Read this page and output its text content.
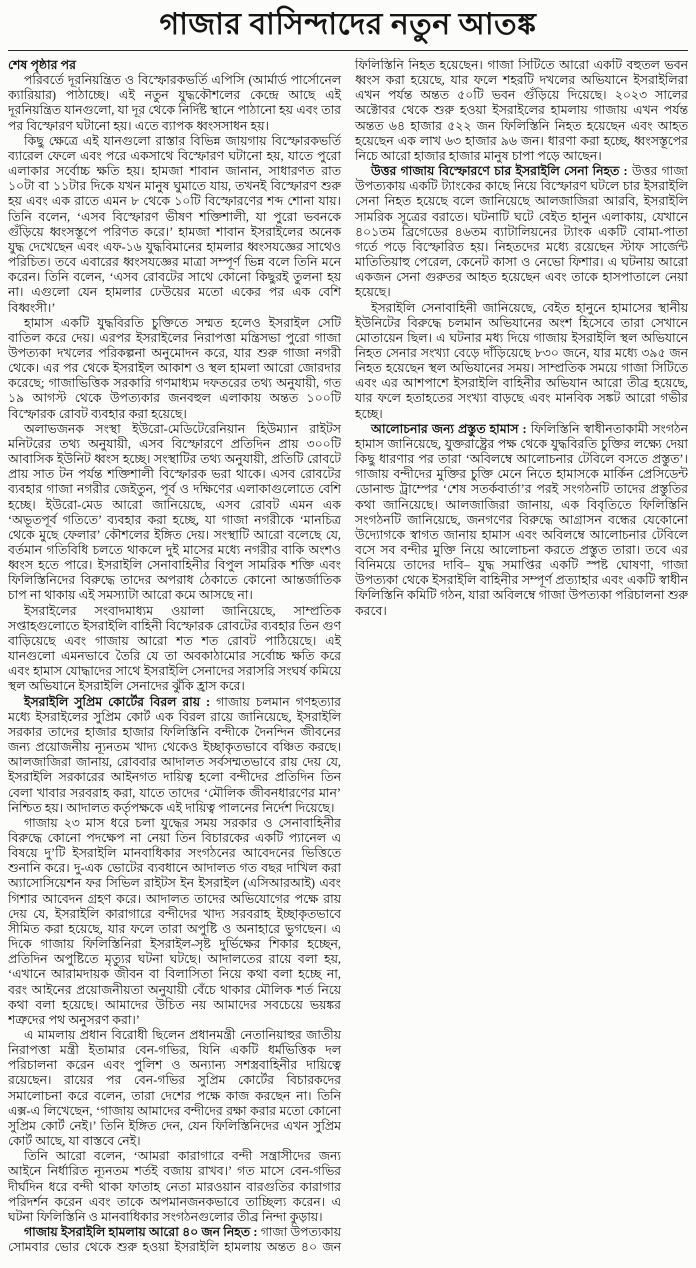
গাজার বাসিন্দাদের নতুন আতঙ্ক

শেষ পৃষ্ঠার পর

পরিবর্তে দূরনিয়ন্ত্রিত ও বিস্ফোরকভর্তি এপিসি (আর্মার্ড পার্সোনেল ক্যারিয়ার) পাঠাচ্ছে। এই নতুন যুদ্ধকৌশলের কেন্দ্রে আছে এই দূরনিয়ন্ত্রিত যানগুলো, যা দূর থেকে নির্দিষ্ট স্থানে পাঠানো হয় এবং তার পর বিস্ফোরণ ঘটানো হয়। এতে ব্যাপক ধ্বংসসাধন হয়।

কিছু ক্ষেত্রে এই যানগুলো রাস্তার বিভিন্ন জায়গায় বিস্ফোরকভর্তি ব্যারেল ফেলে এবং পরে একসাথে বিস্ফোরণ ঘটানো হয়, যাতে পুরো এলাকার সর্বোচ্চ ক্ষতি হয়। হামজা শাবান জানান, সাধারণত রাত ১০টা বা ১১টার দিকে যখন মানুষ ঘুমাতে যায়, তখনই বিস্ফোরণ শুরু হয় এবং এক রাতে এমন ৮ থেকে ১০টি বিস্ফোরণের শব্দ শোনা যায়। তিনি বলেন, ‘এসব বিস্ফোরণ ভীষণ শক্তিশালী, যা পুরো ভবনকে গুঁড়িয়ে ধ্বংসস্তূপে পরিণত করে।’ হামজা শাবান ইসরাইলের অনেক যুদ্ধ দেখেছেন এবং এফ-১৬ যুদ্ধবিমানের হামলার ধ্বংসযজ্ঞের সাথেও পরিচিত। তবে এবারের ধ্বংসযজ্ঞের মাত্রা সম্পূর্ণ ভিন্ন বলে তিনি মনে করেন। তিনি বলেন, ‘এসব রোবটের সাথে কোনো কিছুরই তুলনা হয় না। এগুলো যেন হামলার ঢেউয়ের মতো একের পর এক বেশি বিধ্বংসী।’

হামাস একটি যুদ্ধবিরতি চুক্তিতে সম্মত হলেও ইসরাইল সেটি বাতিল করে দেয়। এরপর ইসরাইলের নিরাপত্তা মন্ত্রিসভা পুরো গাজা উপত্যকা দখলের পরিকল্পনা অনুমোদন করে, যার শুরু গাজা নগরী থেকে। এর পর থেকে ইসরাইল আকাশ ও স্থল হামলা আরো জোরদার করেছে; গাজাভিত্তিক সরকারি গণমাধ্যম দফতরের তথ্য অনুযায়ী, গত ১৯ আগস্ট থেকে উপত্যকার জনবহুল এলাকায় অন্তত ১০০টি বিস্ফোরক রোবট ব্যবহার করা হয়েছে।

অলাভজনক সংস্থা ইউরো-মেডিটেরেনিয়ান হিউম্যান রাইটস মনিটরের তথ্য অনুযায়ী, এসব বিস্ফোরণে প্রতিদিন প্রায় ৩০০টি আবাসিক ইউনিট ধ্বংস হচ্ছে। সংস্থাটির তথ্য অনুযায়ী, প্রতিটি রোবটে প্রায় সাত টন পর্যন্ত শক্তিশালী বিস্ফোরক ভরা থাকে। এসব রোবটের ব্যবহার গাজা নগরীর জেইতুন, পূর্ব ও দক্ষিণের এলাকাগুলোতে বেশি হচ্ছে। ইউরো-মেড আরো জানিয়েছে, এসব রোবট এমন এক ‘অভূতপূর্ব গতিতে’ ব্যবহার করা হচ্ছে, যা গাজা নগরীকে ‘মানচিত্র থেকে মুছে ফেলার’ কৌশলের ইঙ্গিত দেয়। সংস্থাটি আরো বলেছে যে, বর্তমান গতিবিধি চলতে থাকলে দুই মাসের মধ্যে নগরীর বাকি অংশও ধ্বংস হতে পারে। ইসরাইলি সেনাবাহিনীর বিপুল সামরিক শক্তি এবং ফিলিস্তিনিদের বিরুদ্ধে তাদের অপরাধ ঠেকাতে কোনো আন্তর্জাতিক চাপ না থাকায় এই সমস্যাটা আরো কমে আসছে না।

ইসরাইলের সংবাদমাধ্যম ওয়ালা জানিয়েছে, সাম্প্রতিক সপ্তাহগুলোতে ইসরাইলি বাহিনী বিস্ফোরক রোবটের ব্যবহার তিন গুণ বাড়িয়েছে এবং গাজায় আরো শত শত রোবট পাঠিয়েছে। এই যানগুলো এমনভাবে তৈরি যে তা অবকাঠামোর সর্বোচ্চ ক্ষতি করে এবং হামাস যোদ্ধাদের সাথে ইসরাইলি সেনাদের সরাসরি সংঘর্ষ কমিয়ে স্থল অভিযানে ইসরাইলি সেনাদের ঝুঁকি হ্রাস করে।

ইসরাইলি সুপ্রিম কোর্টের বিরল রায় : গাজায় চলমান গণহত্যার মধ্যে ইসরাইলের সুপ্রিম কোর্ট এক বিরল রায়ে জানিয়েছে, ইসরাইলি সরকার তাদের হাজার হাজার ফিলিস্তিনি বন্দীকে দৈনন্দিন জীবনের জন্য প্রয়োজনীয় ন্যূনতম খাদ্য থেকেও ইচ্ছাকৃতভাবে বঞ্চিত করছে। আলজাজিরা জানায়, রোববার আদালত সর্বসম্মতভাবে রায় দেয় যে, ইসরাইলি সরকারের আইনগত দায়িত্ব হলো বন্দীদের প্রতিদিন তিন বেলা খাবার সরবরাহ করা, যাতে তাদের ‘মৌলিক জীবনধারণের মান’ নিশ্চিত হয়। আদালত কর্তৃপক্ষকে এই দায়িত্ব পালনের নির্দেশ দিয়েছে।

গাজায় ২৩ মাস ধরে চলা যুদ্ধের সময় সরকার ও সেনাবাহিনীর বিরুদ্ধে কোনো পদক্ষেপ না নেয়া তিন বিচারকের একটি প্যানেল এ বিষয়ে দু’টি ইসরাইলি মানবাধিকার সংগঠনের আবেদনের ভিত্তিতে শুনানি করে। দু-এক ভোটের ব্যবধানে আদালত গত বছর দাখিল করা অ্যাসোসিয়েশন ফর সিভিল রাইটস ইন ইসরাইল (এসিআরআই) এবং গিশার আবেদন গ্রহণ করে। আদালত তাদের অভিযোগের পক্ষে রায় দেয় যে, ইসরাইলি কারাগারে বন্দীদের খাদ্য সরবরাহ ইচ্ছাকৃতভাবে সীমিত করা হয়েছে, যার ফলে তারা অপুষ্টি ও অনাহারে ভুগছেন। এ দিকে গাজায় ফিলিস্তিনিরা ইসরাইল-সৃষ্ট দুর্ভিক্ষের শিকার হচ্ছেন, প্রতিদিন অপুষ্টিতে মৃত্যুর ঘটনা ঘটছে। আদালতের রায়ে বলা হয়, ‘এখানে আরামদায়ক জীবন বা বিলাসিতা নিয়ে কথা বলা হচ্ছে না, বরং আইনের প্রয়োজনীয়তা অনুযায়ী বেঁচে থাকার মৌলিক শর্ত নিয়ে কথা বলা হয়েছে। আমাদের উচিত নয় আমাদের সবচেয়ে ভয়ঙ্কর শত্রুদের পথ অনুসরণ করা।’

এ মামলায় প্রধান বিরোধী ছিলেন প্রধানমন্ত্রী নেতানিয়াহুর জাতীয় নিরাপত্তা মন্ত্রী ইতামার বেন-গভির, যিনি একটি ধর্মভিত্তিক দল পরিচালনা করেন এবং পুলিশ ও অন্যান্য সশস্ত্রবাহিনীর দায়িত্বে রয়েছেন। রায়ের পর বেন-গভির সুপ্রিম কোর্টের বিচারকদের সমালোচনা করে বলেন, তারা দেশের পক্ষে কাজ করছেন না। তিনি এক্স-এ লিখেছেন, ‘গাজায় আমাদের বন্দীদের রক্ষা করার মতো কোনো সুপ্রিম কোর্ট নেই।’ তিনি ইঙ্গিত দেন, যেন ফিলিস্তিনিদের এখন সুপ্রিম কোর্ট আছে, যা বাস্তবে নেই।

তিনি আরো বলেন, ‘আমরা কারাগারে বন্দী সন্ত্রাসীদের জন্য আইনে নির্ধারিত ন্যূনতম শর্তই বজায় রাখব।’ গত মাসে বেন-গভির দীর্ঘদিন ধরে বন্দী থাকা ফাতাহ নেতা মারওয়ান বারগুতির কারাগার পরিদর্শন করেন এবং তাকে অপমানজনকভাবে তাচ্ছিল্য করেন। এ ঘটনা ফিলিস্তিনি ও মানবাধিকার সংগঠনগুলোর তীব্র নিন্দা কুড়ায়।

গাজায় ইসরাইলি হামলায় আরো ৪০ জন নিহত : গাজা উপত্যকায় সোমবার ভোর থেকে শুরু হওয়া ইসরাইলি হামলায় অন্তত ৪০ জন ফিলিস্তিনি নিহত হয়েছেন। গাজা সিটিতে আরো একটি বহুতল ভবন ধ্বংস করা হয়েছে, যার ফলে শহরটি দখলের অভিযানে ইসরাইলিরা এখন পর্যন্ত অন্তত ৫০টি ভবন গুঁড়িয়ে দিয়েছে। ২০২৩ সালের অক্টোবর থেকে শুরু হওয়া ইসরাইলের হামলায় গাজায় এখন পর্যন্ত অন্তত ৬৪ হাজার ৫২২ জন ফিলিস্তিনি নিহত হয়েছেন এবং আহত হয়েছেন এক লাখ ৬৩ হাজার ৯৬ জন। ধারণা করা হচ্ছে, ধ্বংসস্তূপের নিচে আরো হাজার হাজার মানুষ চাপা পড়ে আছেন।

উত্তর গাজায় বিস্ফোরণে চার ইসরাইলি সেনা নিহত : উত্তর গাজা উপত্যকায় একটি ট্যাংকের কাছে নিয়ে বিস্ফোরণ ঘটলে চার ইসরাইলি সেনা নিহত হয়েছে বলে জানিয়েছে আলজাজিরা আরবি, ইসরাইলি সামরিক সূত্রের বরাতে। ঘটনাটি ঘটে বেইত হানুন এলাকায়, যেখানে ৪০১তম ব্রিগেডের ৪৬তম ব্যাটালিয়নের ট্যাংক একটি বোমা-পাতা গর্তে পড়ে বিস্ফোরিত হয়। নিহতদের মধ্যে রয়েছেন স্টাফ সার্জেন্ট মাতিতিয়াহু পেরেল, কেনেট কাসা ও নেভো ফিশার। এ ঘটনায় আরো একজন সেনা গুরুতর আহত হয়েছেন এবং তাকে হাসপাতালে নেয়া হয়েছে।

ইসরাইলি সেনাবাহিনী জানিয়েছে, বেইত হানুনে হামাসের স্থানীয় ইউনিটের বিরুদ্ধে চলমান অভিযানের অংশ হিসেবে তারা সেখানে মোতায়েন ছিল। এ ঘটনার মধ্য দিয়ে গাজায় ইসরাইলি স্থল অভিযানে নিহত সেনার সংখ্যা বেড়ে দাঁড়িয়েছে ৮৩০ জনে, যার মধ্যে ৩৯৫ জন নিহত হয়েছেন স্থল অভিযানের সময়। সাম্প্রতিক সময়ে গাজা সিটিতে এবং এর আশপাশে ইসরাইলি বাহিনীর অভিযান আরো তীব্র হয়েছে, যার ফলে হতাহতের সংখ্যা বাড়ছে এবং মানবিক সঙ্কট আরো গভীর হচ্ছে।

আলোচনার জন্য প্রস্তুত হামাস : ফিলিস্তিনি স্বাধীনতাকামী সংগঠন হামাস জানিয়েছে, যুক্তরাষ্ট্রের পক্ষ থেকে যুদ্ধবিরতি চুক্তির লক্ষ্যে দেয়া কিছু ধারণার পর তারা ‘অবিলম্বে আলোচনার টেবিলে বসতে প্রস্তুত’। গাজায় বন্দীদের মুক্তির চুক্তি মেনে নিতে হামাসকে মার্কিন প্রেসিডেন্ট ডোনাল্ড ট্রাম্পের ‘শেষ সতর্কবার্তা’র পরই সংগঠনটি তাদের প্রস্তুতির কথা জানিয়েছে। আলজাজিরা জানায়, এক বিবৃতিতে ফিলিস্তিনি সংগঠনটি জানিয়েছে, জনগণের বিরুদ্ধে আগ্রাসন বন্ধের যেকোনো উদ্যোগকে স্বাগত জানায় হামাস এবং অবিলম্বে আলোচনার টেবিলে বসে সব বন্দীর মুক্তি নিয়ে আলোচনা করতে প্রস্তুত তারা। তবে এর বিনিময়ে তাদের দাবি– যুদ্ধ সমাপ্তির একটি স্পষ্ট ঘোষণা, গাজা উপত্যকা থেকে ইসরাইলি বাহিনীর সম্পূর্ণ প্রত্যাহার এবং একটি স্বাধীন ফিলিস্তিনি কমিটি গঠন, যারা অবিলম্বে গাজা উপত্যকা পরিচালনা শুরু করবে।
